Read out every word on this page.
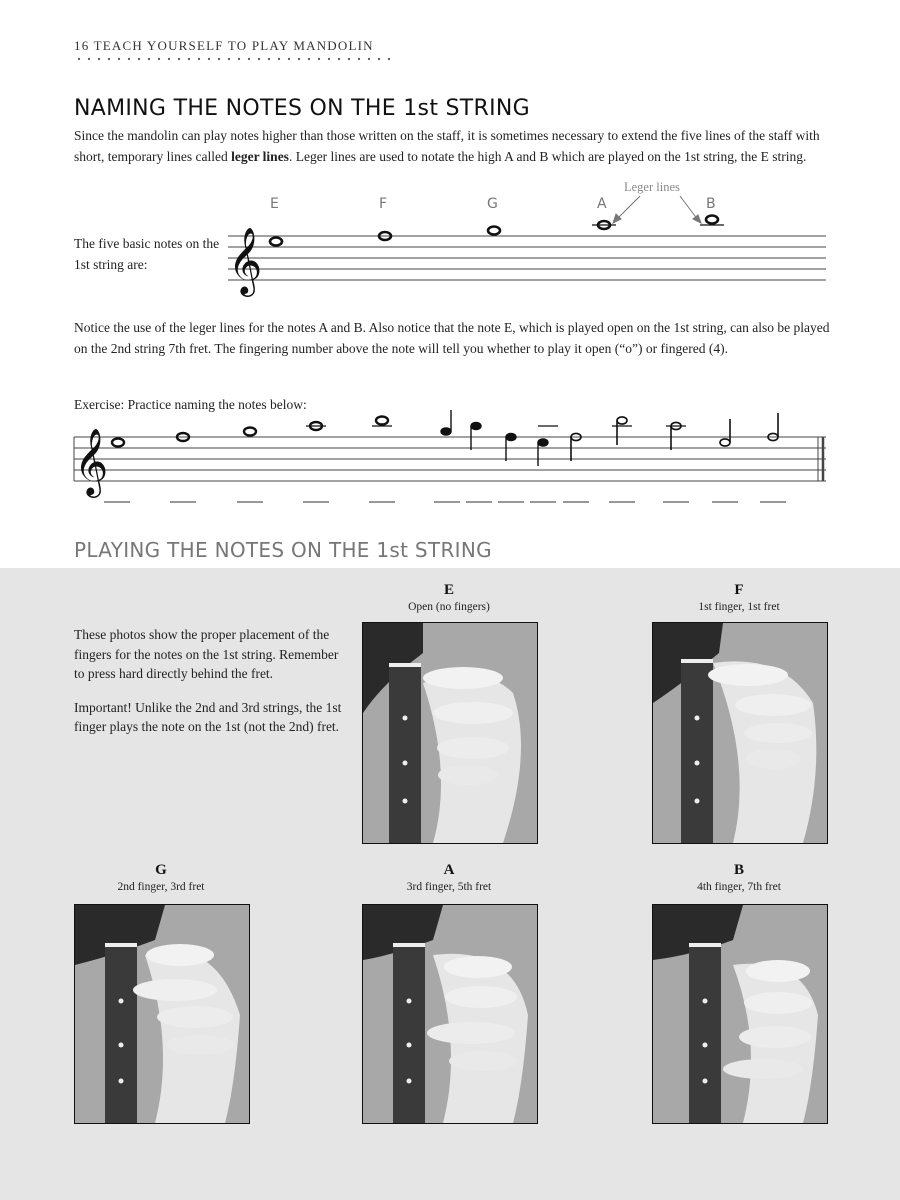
16 TEACH YOURSELF TO PLAY MANDOLIN
NAMING THE NOTES ON THE 1st STRING
Since the mandolin can play notes higher than those written on the staff, it is sometimes necessary to extend the five lines of the staff with short, temporary lines called leger lines. Leger lines are used to notate the high A and B which are played on the 1st string, the E string.
E	F	G	A	B
Leger lines
The five basic notes on the 1st string are:	𝄞
Notice the use of the leger lines for the notes A and B. Also notice that the note E, which is played open on the 1st string, can also be played on the 2nd string 7th fret. The fingering number above the note will tell you whether to play it open (“o”) or fingered (4).
Exercise: Practice naming the notes below:
𝄞
PLAYING THE NOTES ON THE 1st STRING

These photos show the proper placement of the fingers for the notes on the 1st string. Remember to press hard directly behind the fret.

Important! Unlike the 2nd and 3rd strings, the 1st finger plays the note on the 1st (not the 2nd) fret.

E
Open (no fingers)
F
1st finger, 1st fret
G
2nd finger, 3rd fret
A
3rd finger, 5th fret
B
4th finger, 7th fret
